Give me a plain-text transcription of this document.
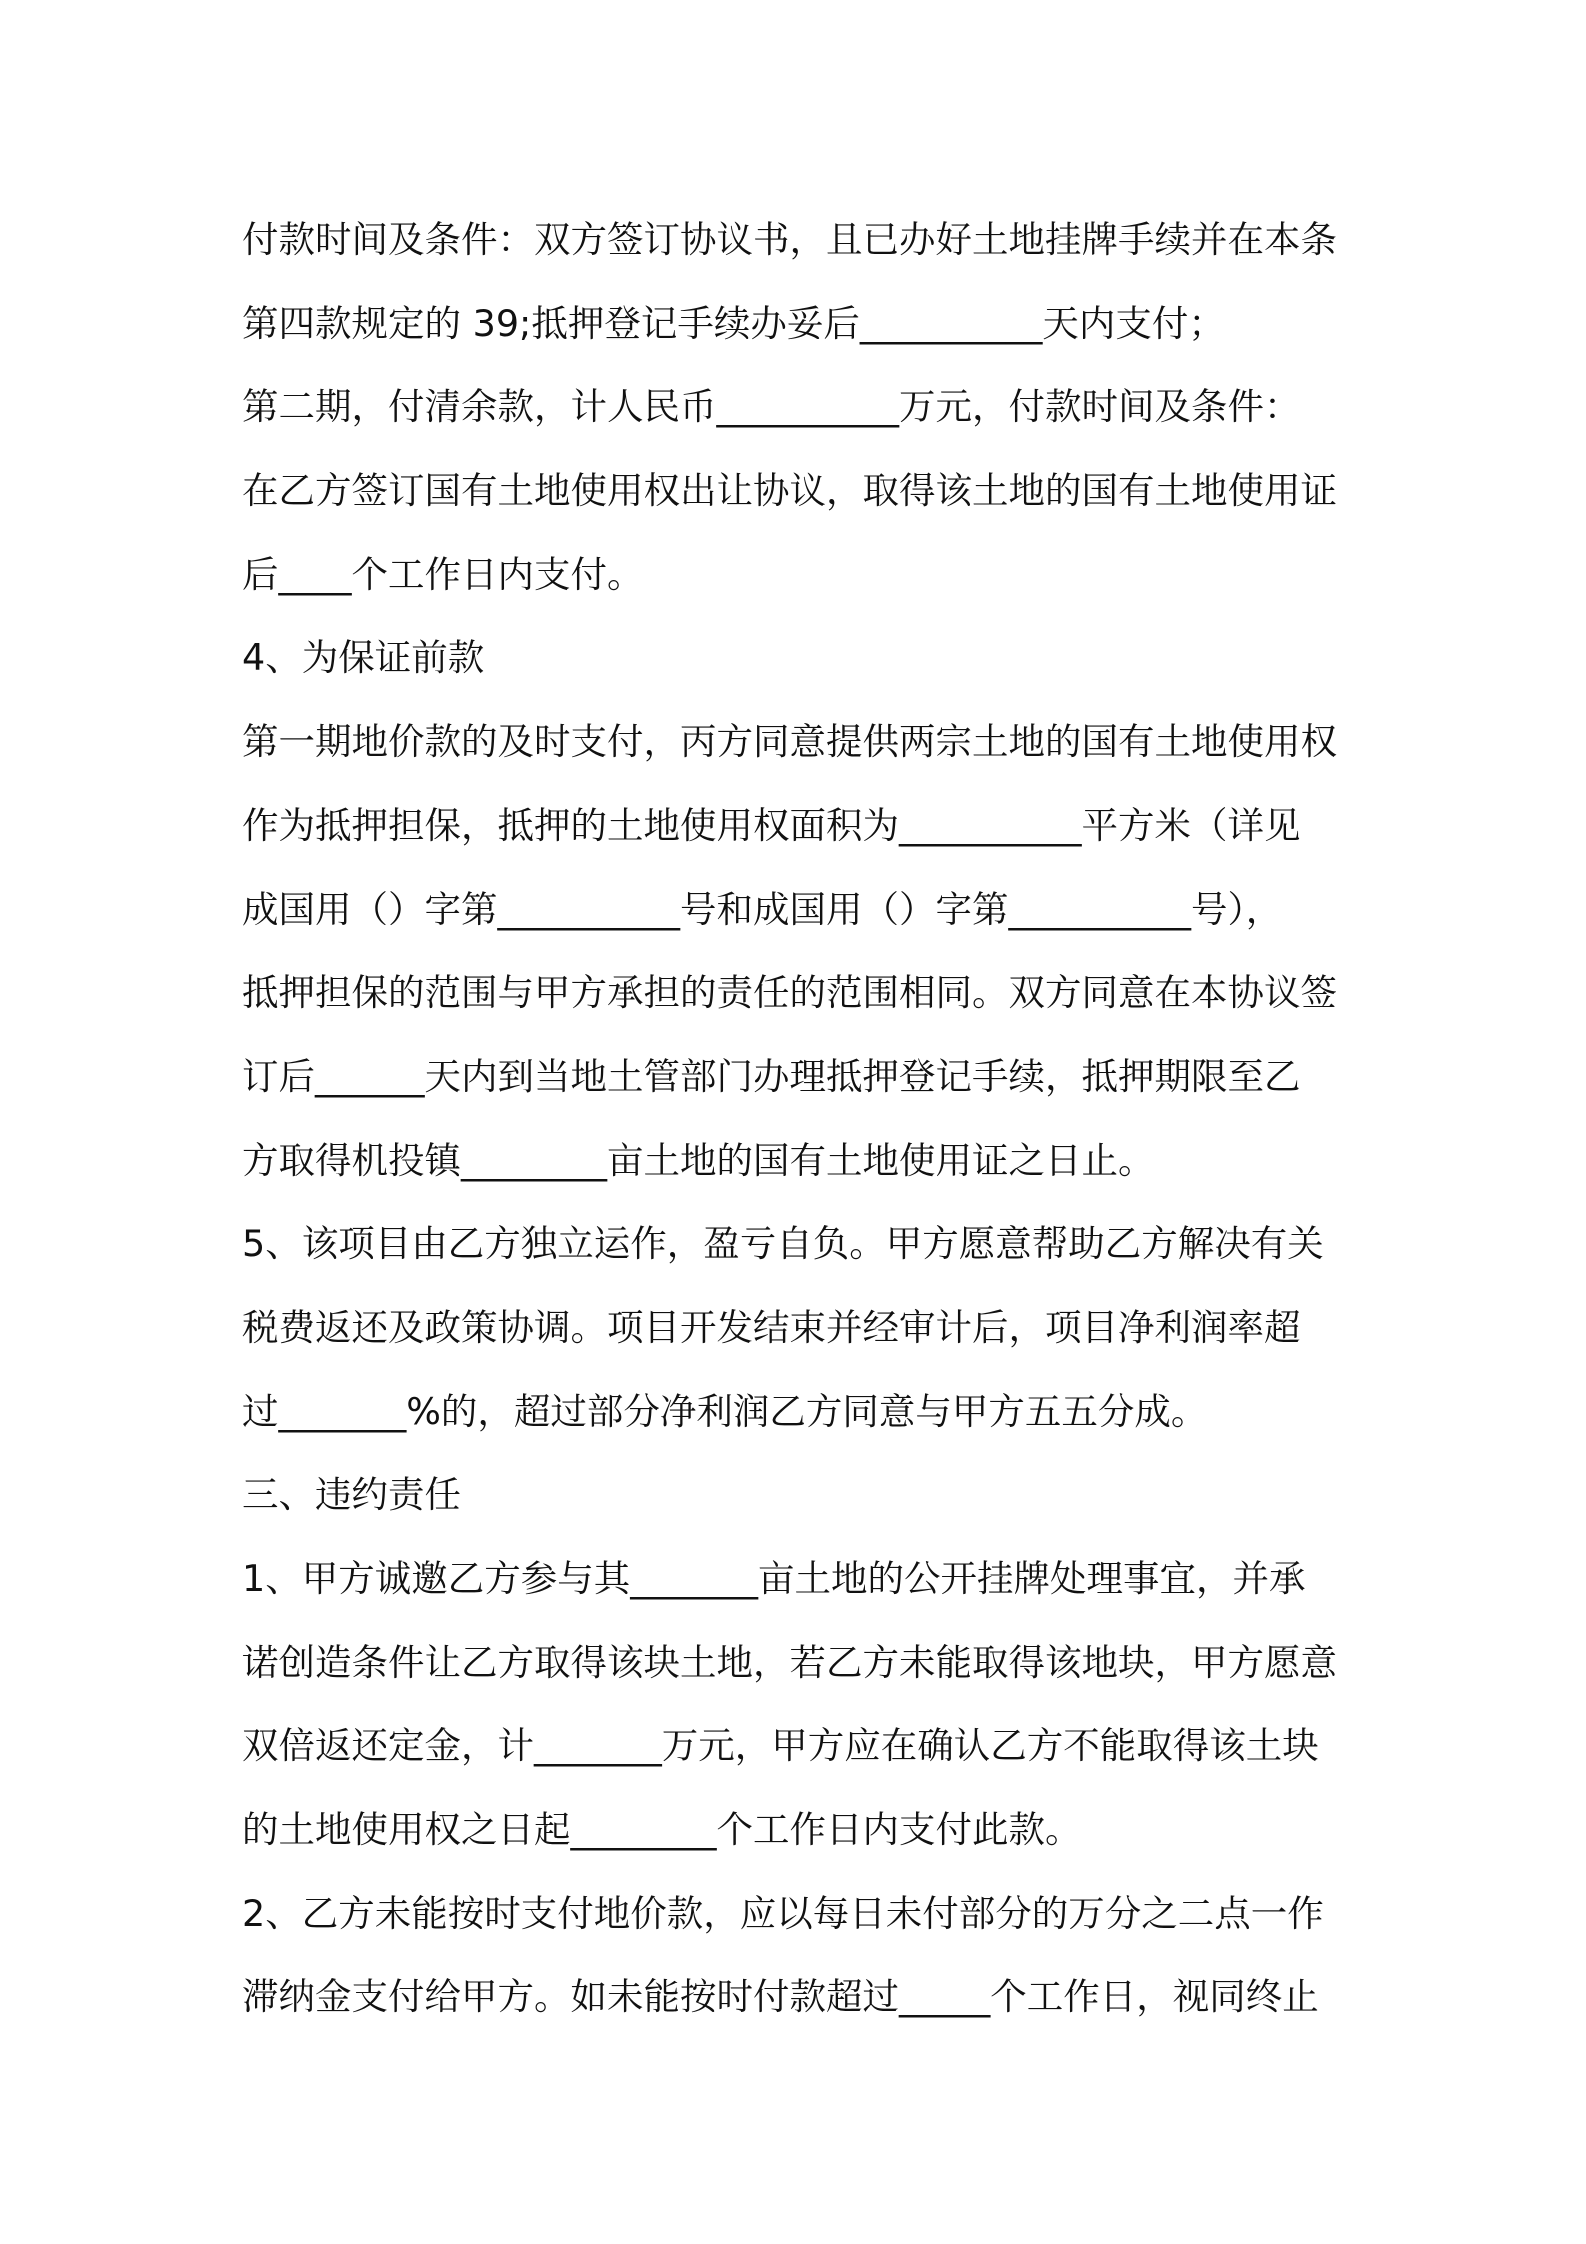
付款时间及条件：双方签订协议书，且已办好土地挂牌手续并在本条
第四款规定的 39;抵押登记手续办妥后__________天内支付；
第二期，付清余款，计人民币__________万元，付款时间及条件：
在乙方签订国有土地使用权出让协议，取得该土地的国有土地使用证
后____个工作日内支付。
4、为保证前款
第一期地价款的及时支付，丙方同意提供两宗土地的国有土地使用权
作为抵押担保，抵押的土地使用权面积为__________平方米（详见
成国用（）字第__________号和成国用（）字第__________号），
抵押担保的范围与甲方承担的责任的范围相同。双方同意在本协议签
订后______天内到当地土管部门办理抵押登记手续，抵押期限至乙
方取得机投镇________亩土地的国有土地使用证之日止。
5、该项目由乙方独立运作，盈亏自负。甲方愿意帮助乙方解决有关
税费返还及政策协调。项目开发结束并经审计后，项目净利润率超
过_______%的，超过部分净利润乙方同意与甲方五五分成。
三、违约责任
1、甲方诚邀乙方参与其_______亩土地的公开挂牌处理事宜，并承
诺创造条件让乙方取得该块土地，若乙方未能取得该地块，甲方愿意
双倍返还定金，计_______万元，甲方应在确认乙方不能取得该土块
的土地使用权之日起________个工作日内支付此款。
2、乙方未能按时支付地价款，应以每日未付部分的万分之二点一作
滞纳金支付给甲方。如未能按时付款超过_____个工作日，视同终止
